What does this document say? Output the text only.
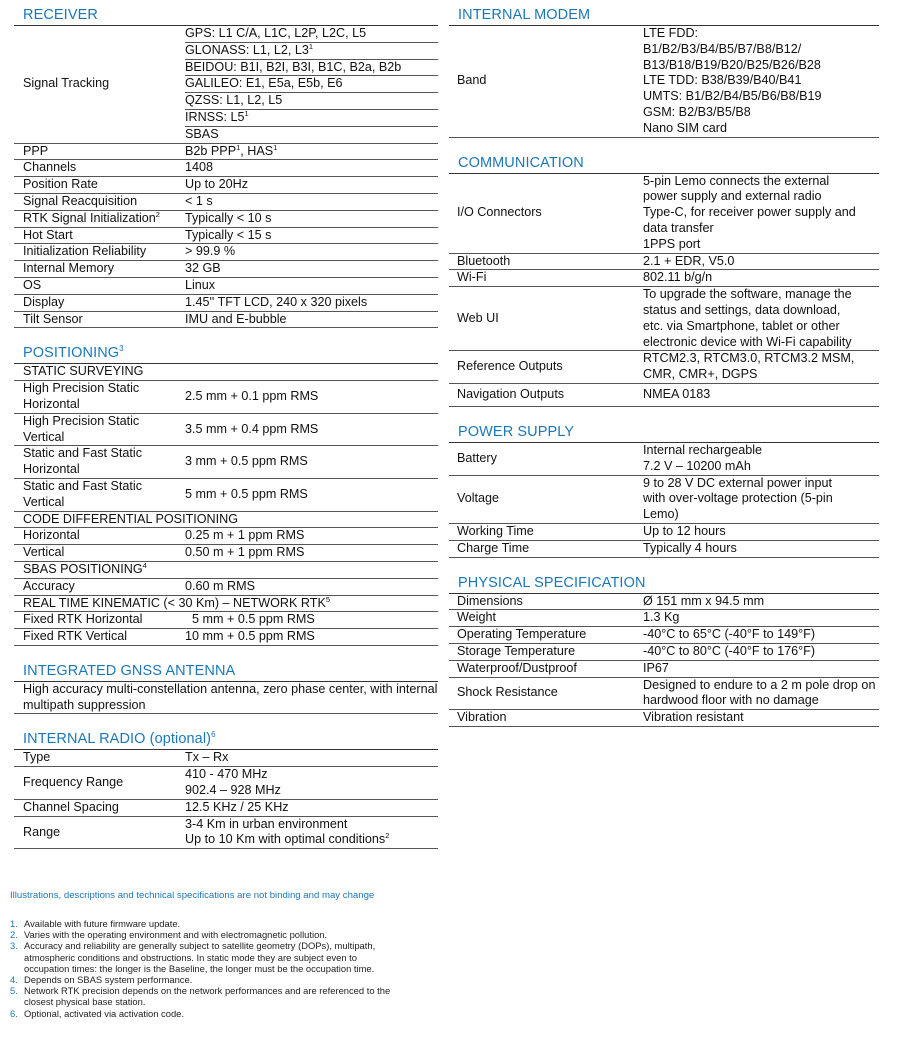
RECEIVER
Signal Tracking	GPS: L1 C/A, L1C, L2P, L2C, L5
	GLONASS: L1, L2, $L3^1$
	BEIDOU: B1I, B2I, B3I, B1C, B2a, B2b
	GALILEO: E1, E5a, E5b, E6
	QZSS: L1, L2, L5
	IRNSS: $L5^1$
	SBAS
PPP	B2b PPP$^1$, HAS$^1$
Channels	1408
Position Rate	Up to 20Hz
Signal Reacquisition	< 1 s
RTK Signal Initialization$^2$	Typically < 10 s
Hot Start	Typically < 15 s
Initialization Reliability	> 99.9 %
Internal Memory	32 GB
OS	Linux
Display	1.45'' TFT LCD, 240 x 320 pixels
Tilt Sensor	IMU and E-bubble
POSITIONING$^3$
STATIC SURVEYING	

High Precision Static
Horizontal	2.5 mm + 0.1 ppm RMS

High Precision Static
Vertical	3.5 mm + 0.4 ppm RMS

Static and Fast Static
Horizontal	3 mm + 0.5 ppm RMS

Static and Fast Static
Vertical	5 mm + 0.5 ppm RMS
CODE DIFFERENTIAL POSITIONING	
Horizontal	0.25 m + 1 ppm RMS
Vertical	0.50 m + 1 ppm RMS
SBAS POSITIONING$^4$
Accuracy	0.60 m RMS
REAL TIME KINEMATIC (< 30 Km) – NETWORK RTK$^5$
Fixed RTK Horizontal	5 mm + 0.5 ppm RMS
Fixed RTK Vertical	10 mm + 0.5 ppm RMS
INTEGRATED GNSS ANTENNA
High accuracy multi-constellation antenna, zero phase center, with internal multipath suppression
INTERNAL RADIO (optional)$^6$
Type	Tx – Rx
Frequency Range	410 - 470 MHz
902.4 – 928 MHz

Channel Spacing	12.5 KHz / 25 KHz
Range	3-4 Km in urban environment
Up to 10 Km with optimal conditions$^2$
INTERNAL MODEM
Band	
LTE FDD:
B1/B2/B3/B4/B5/B7/B8/B12/
B13/B18/B19/B20/B25/B26/B28
LTE TDD: B38/B39/B40/B41
UMTS: B1/B2/B4/B5/B6/B8/B19
GSM: B2/B3/B5/B8
Nano SIM card
COMMUNICATION
I/O Connectors	5-pin Lemo connects the external
power supply and external radio
Type-C, for receiver power supply and
data transfer
1PPS port

Bluetooth	2.1 + EDR, V5.0
Wi-Fi	802.11 b/g/n
Web UI	To upgrade the software, manage the
status and settings, data download,
etc. via Smartphone, tablet or other
electronic device with Wi-Fi capability

Reference Outputs	RTCM2.3, RTCM3.0, RTCM3.2 MSM,
CMR, CMR+, DGPS

Navigation Outputs	NMEA 0183
POWER SUPPLY
Battery	Internal rechargeable
7.2 V – 10200 mAh

Voltage	9 to 28 V DC external power input
with over-voltage protection (5-pin
Lemo)

Working Time	Up to 12 hours
Charge Time	Typically 4 hours
PHYSICAL SPECIFICATION
Dimensions	Ø 151 mm x 94.5 mm
Weight	1.3 Kg
Operating Temperature	-40°C to 65°C (-40°F to 149°F)
Storage Temperature	-40°C to 80°C (-40°F to 176°F)
Waterproof/Dustproof	IP67
Shock Resistance	Designed to endure to a 2 m pole drop on
hardwood floor with no damage

Vibration	Vibration resistant
Illustrations, descriptions and technical specifications are not binding and may change
1. Available with future firmware update.
2. Varies with the operating environment and with electromagnetic pollution.
3. Accuracy and reliability are generally subject to satellite geometry (DOPs), multipath, atmospheric conditions and obstructions. In static mode they are subject even to occupation times: the longer is the Baseline, the longer must be the occupation time.
4. Depends on SBAS system performance.
5. Network RTK precision depends on the network performances and are referenced to the closest physical base station.
6. Optional, activated via activation code.
